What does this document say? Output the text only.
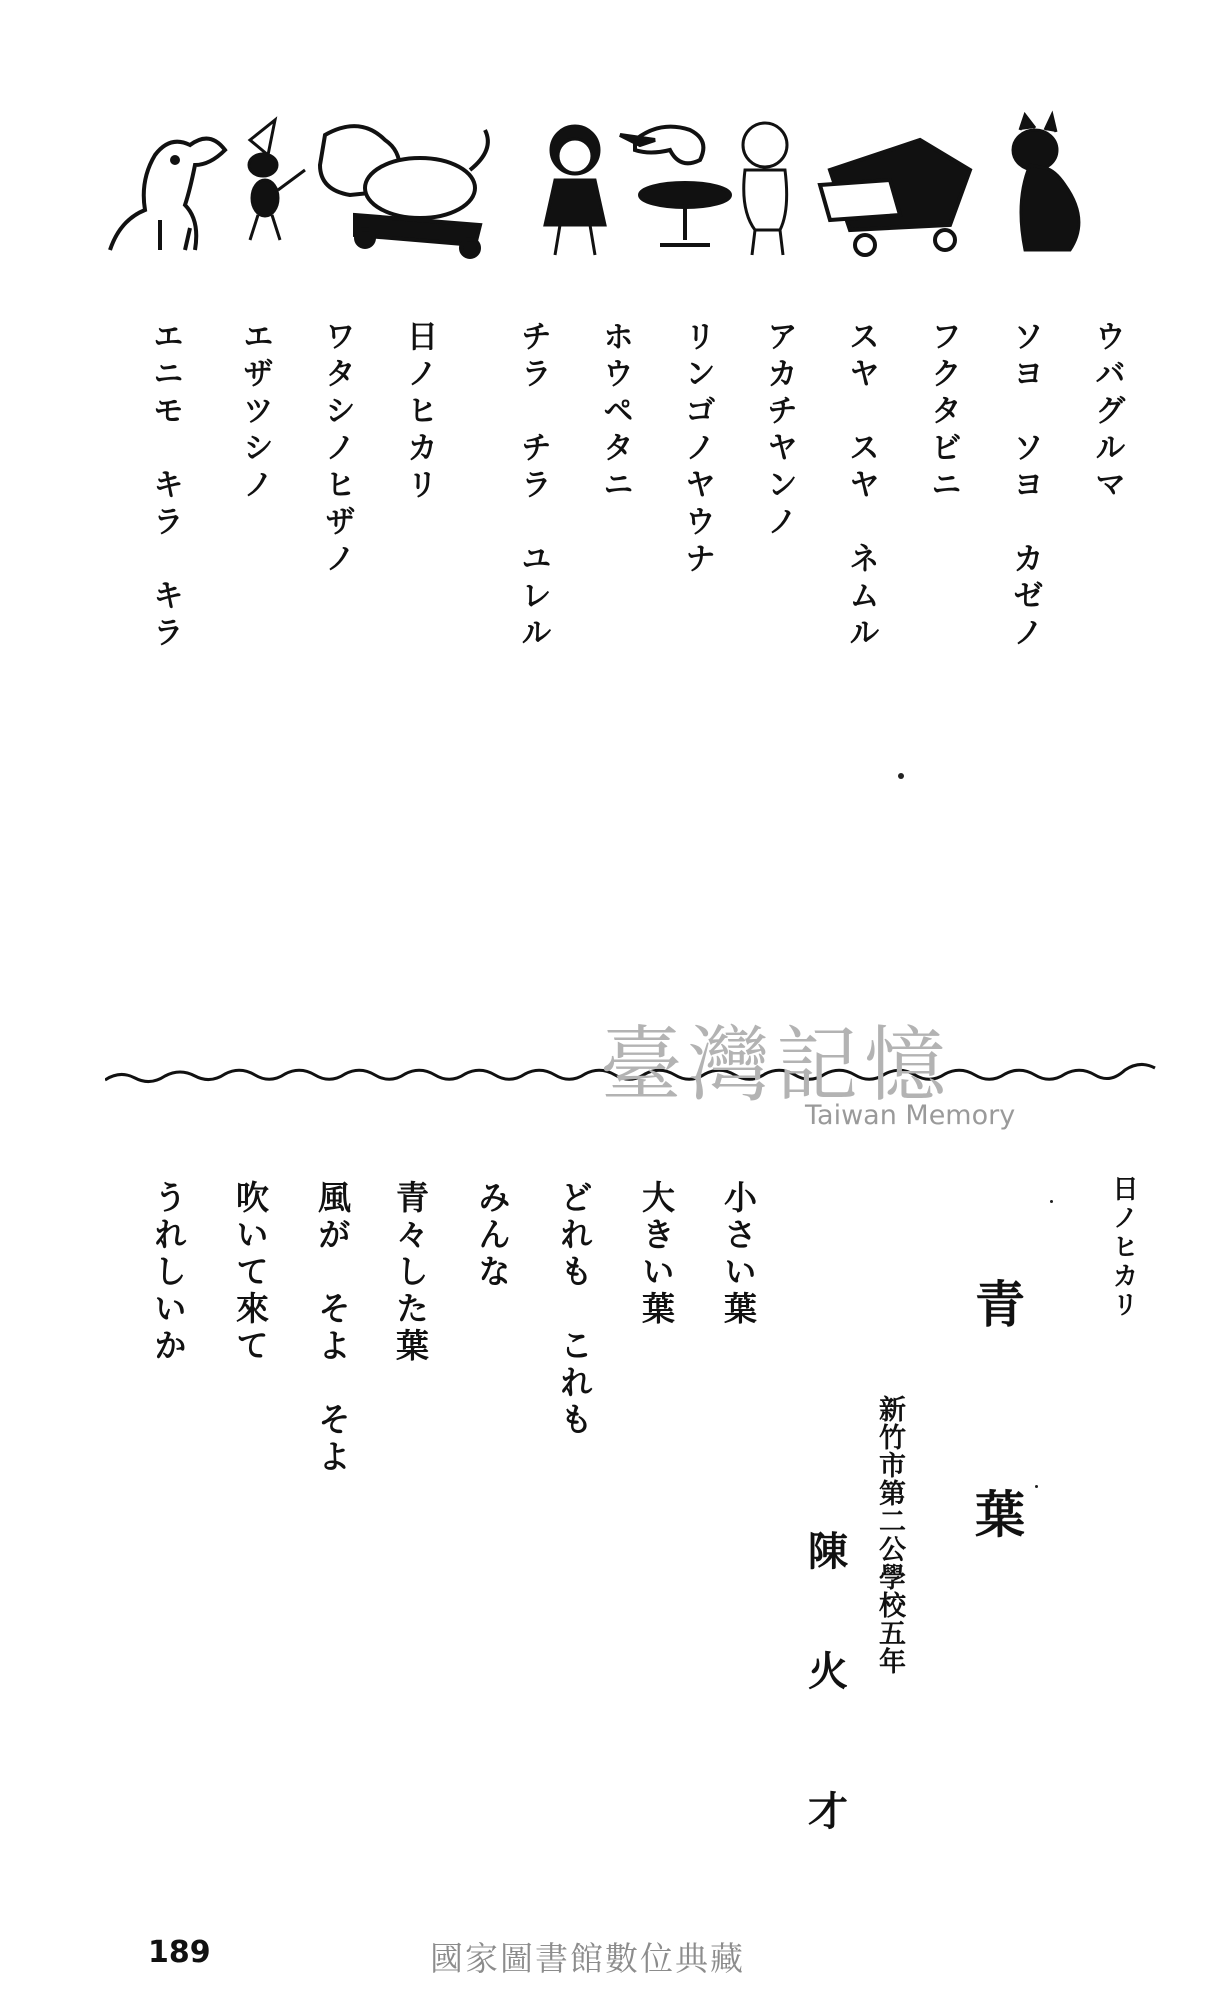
ウバグルマ
ソヨ　ソヨ　カゼノ
フクタビニ
スヤ　スヤ　ネムル
アカチヤンノ
リンゴノヤウナ
ホウペタニ
チラ　チラ　ユレル
日ノヒカリ
ワタシノヒザノ
エザツシノ
エニモ　キラ　キラ
臺灣記憶
Taiwan Memory
日ノヒカリ
青
葉
新竹市第二公學校五年
陳
火
才
小さい葉
大きい葉
どれも　これも
みんな
青々した葉
風が　そよ　そよ
吹いて來て
うれしいか
189	國家圖書館數位典藏
